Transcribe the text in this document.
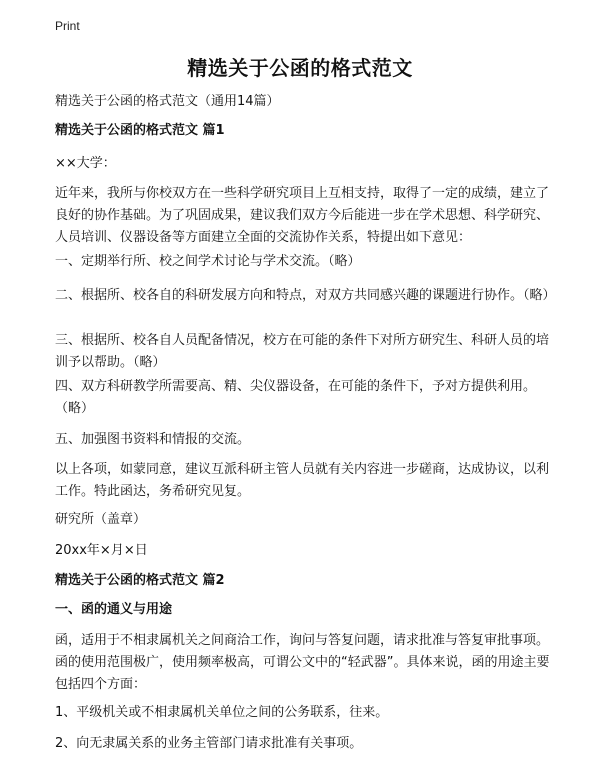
Print
精选关于公函的格式范文
精选关于公函的格式范文（通用14篇）
精选关于公函的格式范文 篇1
××大学：
近年来，我所与你校双方在一些科学研究项目上互相支持，取得了一定的成绩，建立了良好的协作基础。为了巩固成果，建议我们双方今后能进一步在学术思想、科学研究、人员培训、仪器设备等方面建立全面的交流协作关系，特提出如下意见：
一、定期举行所、校之间学术讨论与学术交流。（略）
二、根据所、校各自的科研发展方向和特点，对双方共同感兴趣的课题进行协作。（略）
三、根据所、校各自人员配备情况，校方在可能的条件下对所方研究生、科研人员的培训予以帮助。（略）
四、双方科研教学所需要高、精、尖仪器设备，在可能的条件下，予对方提供利用。（略）
五、加强图书资料和情报的交流。
以上各项，如蒙同意，建议互派科研主管人员就有关内容进一步磋商，达成协议，以利工作。特此函达，务希研究见复。
研究所（盖章）
20xx年×月×日
精选关于公函的格式范文 篇2
一、函的通义与用途
函，适用于不相隶属机关之间商洽工作，询问与答复问题，请求批准与答复审批事项。函的使用范围极广，使用频率极高，可谓公文中的“轻武器”。具体来说，函的用途主要包括四个方面：
1、平级机关或不相隶属机关单位之间的公务联系，往来。
2、向无隶属关系的业务主管部门请求批准有关事项。
